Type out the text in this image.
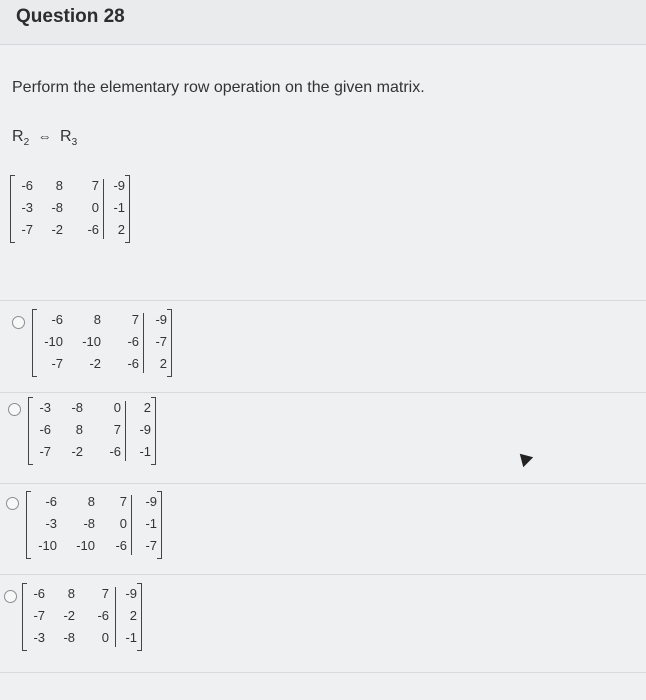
Question 28
Perform the elementary row operation on the given matrix.
$R_2$ ⇔ $R_3$
-6	8	7	-9
-3	-8	0	-1
-7	-2	-6	2
-6	8	7	-9
-10	-10	-6	-7
-7	-2	-6	2
-3	-8	0	2
-6	8	7	-9
-7	-2	-6	-1
-6	8	7	-9
-3	-8	0	-1
-10	-10	-6	-7
-6	8	7	-9
-7	-2	-6	2
-3	-8	0	-1
